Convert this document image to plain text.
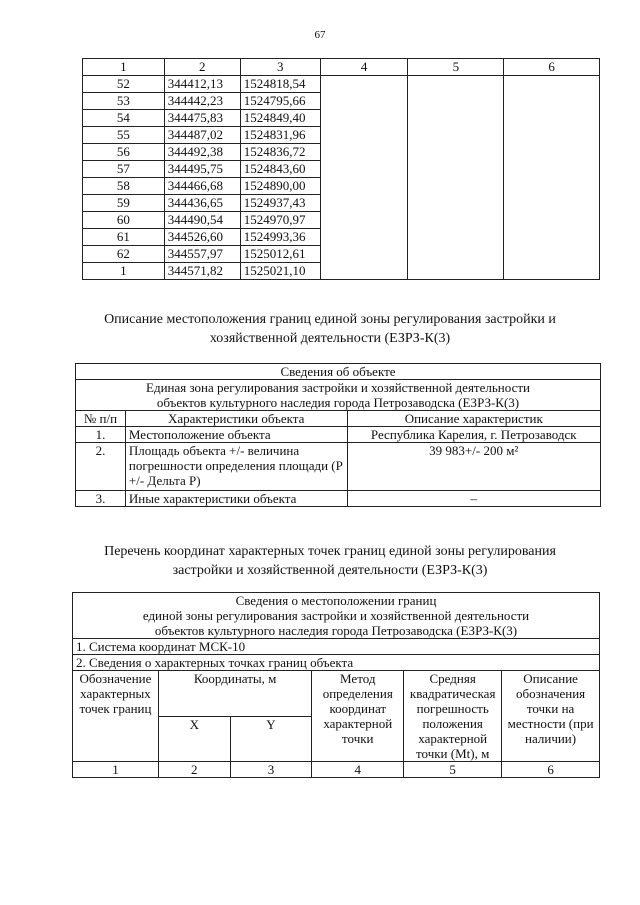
67
1	2	3	4	5	6
52	344412,13	1524818,54			
53	344442,23	1524795,66			
54	344475,83	1524849,40			
55	344487,02	1524831,96			
56	344492,38	1524836,72			
57	344495,75	1524843,60			
58	344466,68	1524890,00			
59	344436,65	1524937,43			
60	344490,54	1524970,97			
61	344526,60	1524993,36			
62	344557,97	1525012,61			
1	344571,82	1525021,10			
Описание местоположения границ единой зоны регулирования застройки и
хозяйственной деятельности (ЕЗРЗ-К(3)
Сведения об объекте		

Единая зона регулирования застройки и хозяйственной деятельности
объектов культурного наследия города Петрозаводска (ЕЗРЗ-К(3)		

№ п/п	Характеристики объекта	Описание характеристик
1.	Местоположение объекта	Республика Карелия, г. Петрозаводск
2.	Площадь объекта +/- величина погрешности определения площади (Р +/- Дельта Р)	39 983+/- 200 м²
3.	Иные характеристики объекта	–
Перечень координат характерных точек границ единой зоны регулирования
застройки и хозяйственной деятельности (ЕЗРЗ-К(3)
Сведения о местоположении границ
единой зоны регулирования застройки и хозяйственной деятельности
объектов культурного наследия города Петрозаводска (ЕЗРЗ-К(3)					

1. Система координат МСК-10					
2. Сведения о характерных точках границ объекта					
Обозначение характерных точек границ	Координаты, м		Метод определения координат характерной точки	Средняя квадратическая погрешность положения характерной точки (Mt), м	Описание обозначения точки на местности (при наличии)
	X	Y			
1	2	3	4	5	6
